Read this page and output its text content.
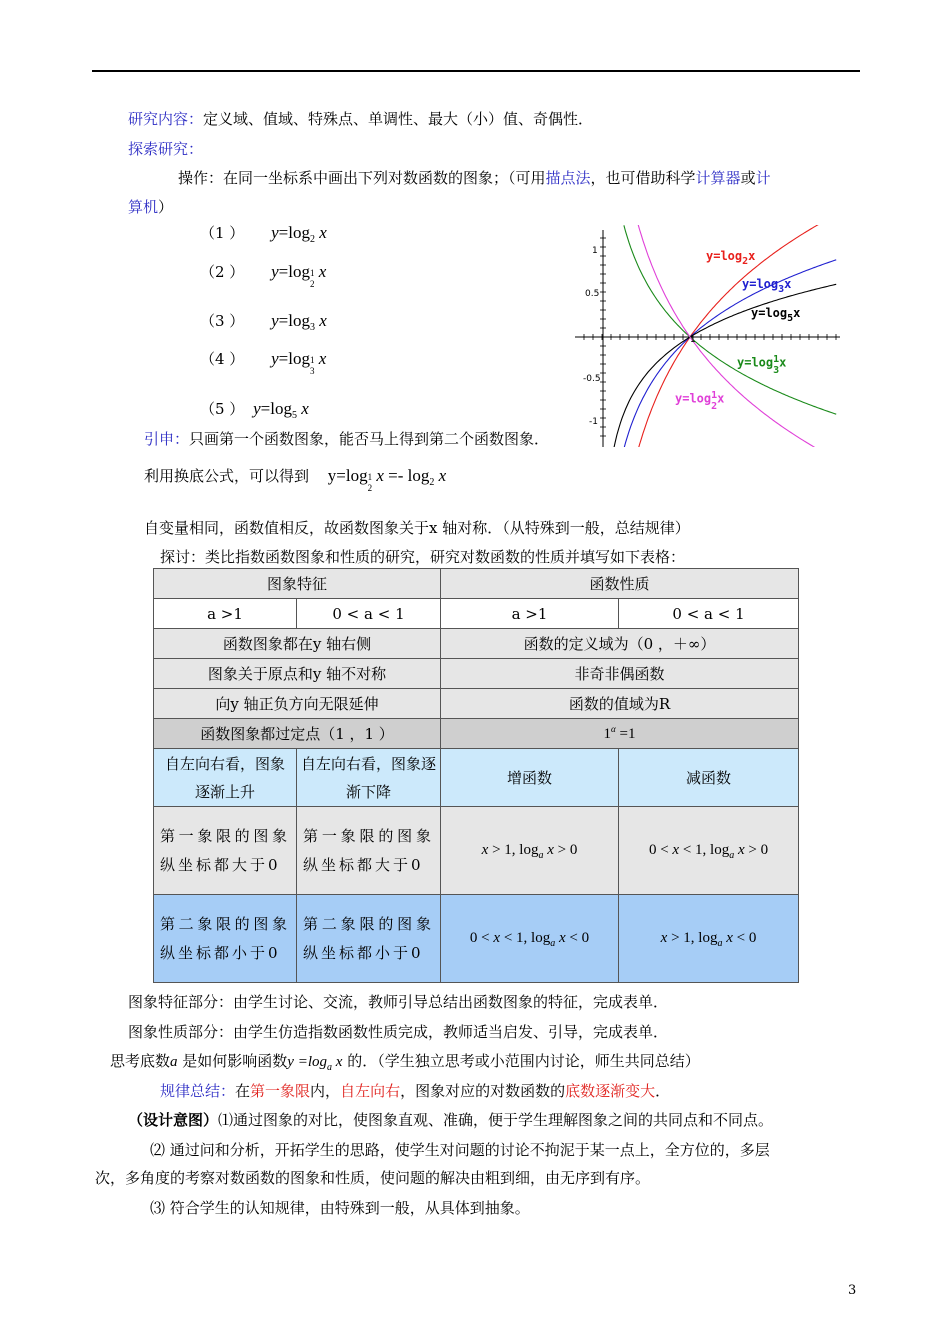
研究内容：定义域、值域、特殊点、单调性、最大（小）值、奇偶性．
探索研究：
操作：在同一坐标系中画出下列对数函数的图象；（可用描点法，也可借助科学计算器或计
算机）
（1 ） $y=\log_2$ x
（2 ） y=log 1
2
x
（3 ） $y=\log_3$ x
（4 ） y=log 1
3
x
（5 ） $y=\log_5$ x
1
0.5
-0.5
-1
1
$y=\log_2x$
$y=\log_3x$
$y=\log_5x$
y=log 1
3
x
y=log 1
2
x
引申：只画第一个函数图象，能否马上得到第二个函数图象．
利用换底公式，可以得到 y=log 1
2
$x =- \log_2 x$
自变量相同，函数值相反，故函数图象关于x 轴对称．（从特殊到一般，总结规律）
探讨：类比指数函数图象和性质的研究，研究对数函数的性质并填写如下表格：
图象特征		函数性质	
a >1	0 < a < 1	a >1	0 < a < 1
函数图象都在y 轴右侧		函数的定义域为（0 ，＋∞）	
图象关于原点和y 轴不对称		非奇非偶函数	
向y 轴正负方向无限延伸		函数的值域为R	
函数图象都过定点（1 ，1 ）		$1^\alpha =1$	
自左向右看，图象逐渐上升	自左向右看，图象逐渐下降	增函数	减函数
第一象限的图象纵坐标都大于0	第一象限的图象纵坐标都大于0	x > 1, $\log_a x > 0$	0 < x < 1, $\log_a x > 0$
第二象限的图象纵坐标都小于0	第二象限的图象纵坐标都小于0	0 < x < 1, $\log_a x < 0$	x > 1, $\log_a x < 0$
图象特征部分：由学生讨论、交流，教师引导总结出函数图象的特征，完成表单．
图象性质部分：由学生仿造指数函数性质完成，教师适当启发、引导，完成表单．
思考底数a 是如何影响函数$y =\log_a$ x 的．（学生独立思考或小范围内讨论，师生共同总结）
规律总结：在第一象限内，自左向右，图象对应的对数函数的底数逐渐变大．
（设计意图）⑴通过图象的对比，使图象直观、准确，便于学生理解图象之间的共同点和不同点。
⑵ 通过问和分析，开拓学生的思路，使学生对问题的讨论不拘泥于某一点上，全方位的，多层
次，多角度的考察对数函数的图象和性质，使问题的解决由粗到细，由无序到有序。
⑶ 符合学生的认知规律，由特殊到一般，从具体到抽象。
3
